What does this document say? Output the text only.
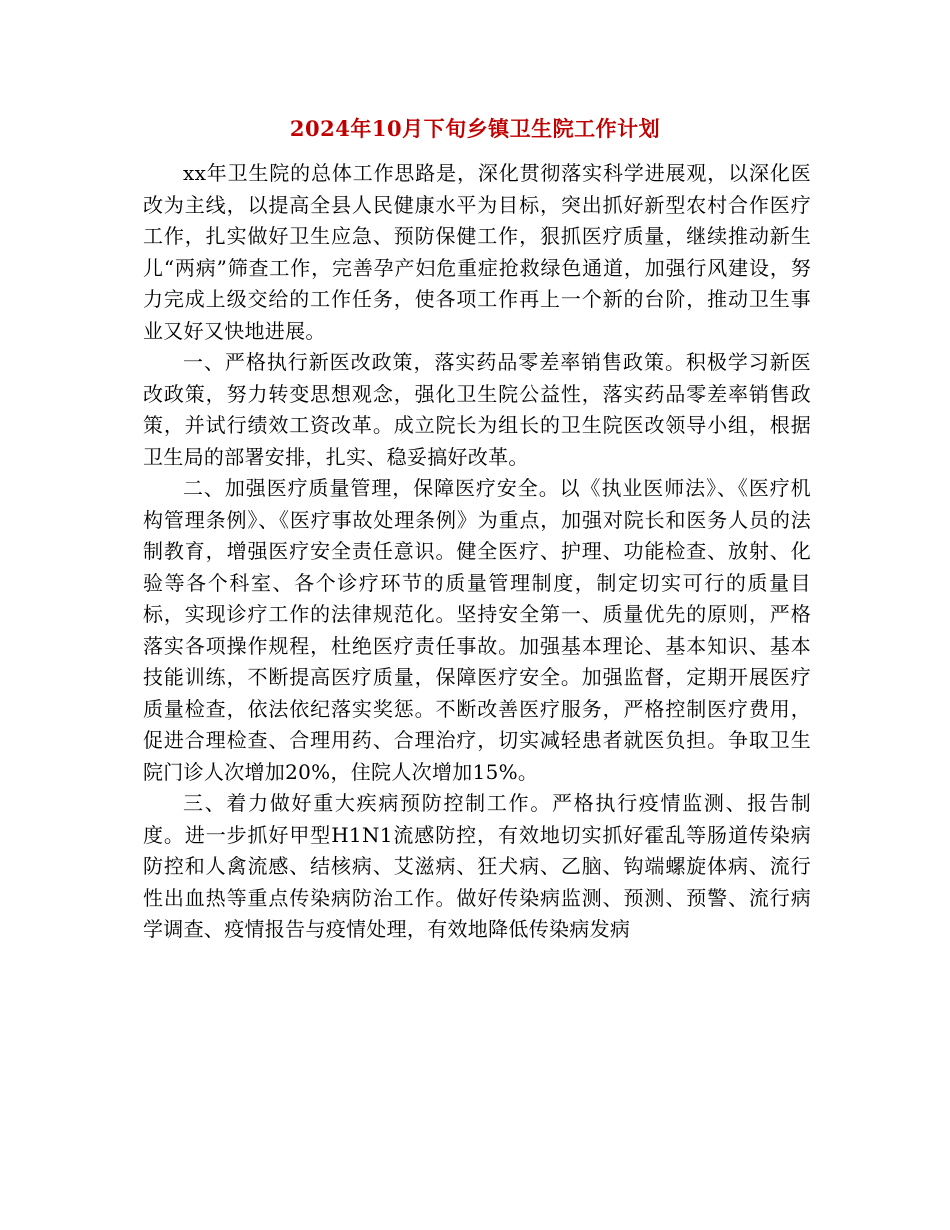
2024年10月下旬乡镇卫生院工作计划

xx年卫生院的总体工作思路是，深化贯彻落实科学进展观，以深化医改为主线，以提高全县人民健康水平为目标，突出抓好新型农村合作医疗工作，扎实做好卫生应急、预防保健工作，狠抓医疗质量，继续推动新生儿“两病”筛查工作，完善孕产妇危重症抢救绿色通道，加强行风建设，努力完成上级交给的工作任务，使各项工作再上一个新的台阶，推动卫生事业又好又快地进展。

一、严格执行新医改政策，落实药品零差率销售政策。积极学习新医改政策，努力转变思想观念，强化卫生院公益性，落实药品零差率销售政策，并试行绩效工资改革。成立院长为组长的卫生院医改领导小组，根据卫生局的部署安排，扎实、稳妥搞好改革。

二、加强医疗质量管理，保障医疗安全。以《执业医师法》、《医疗机构管理条例》、《医疗事故处理条例》为重点，加强对院长和医务人员的法制教育，增强医疗安全责任意识。健全医疗、护理、功能检查、放射、化验等各个科室、各个诊疗环节的质量管理制度，制定切实可行的质量目标，实现诊疗工作的法律规范化。坚持安全第一、质量优先的原则，严格落实各项操作规程，杜绝医疗责任事故。加强基本理论、基本知识、基本技能训练，不断提高医疗质量，保障医疗安全。加强监督，定期开展医疗质量检查，依法依纪落实奖惩。不断改善医疗服务，严格控制医疗费用，促进合理检查、合理用药、合理治疗，切实减轻患者就医负担。争取卫生院门诊人次增加20%，住院人次增加15%。

三、着力做好重大疾病预防控制工作。严格执行疫情监测、报告制度。进一步抓好甲型H1N1流感防控，有效地切实抓好霍乱等肠道传染病防控和人禽流感、结核病、艾滋病、狂犬病、乙脑、钩端螺旋体病、流行性出血热等重点传染病防治工作。做好传染病监测、预测、预警、流行病学调查、疫情报告与疫情处理，有效地降低传染病发病
